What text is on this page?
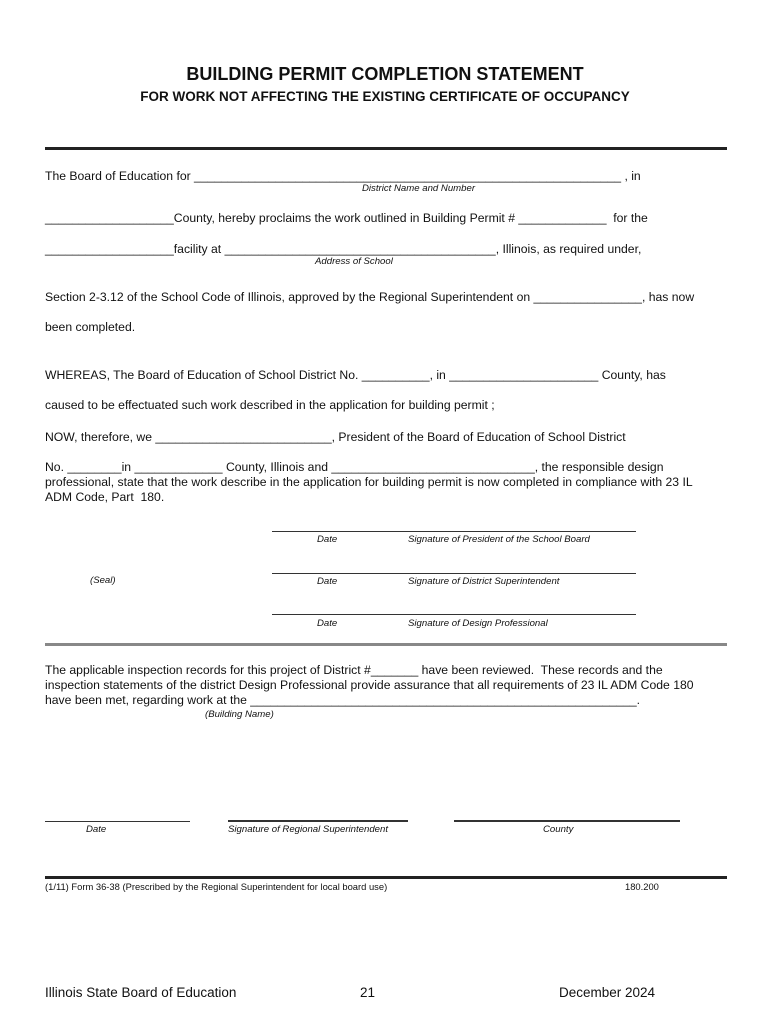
BUILDING PERMIT COMPLETION STATEMENT
FOR WORK NOT AFFECTING THE EXISTING CERTIFICATE OF OCCUPANCY
The Board of Education for _______________________________________________________________ , in
District Name and Number
___________________County, hereby proclaims the work outlined in Building Permit # _____________  for the
___________________facility at ________________________________________, Illinois, as required under,
Address of School
Section 2-3.12 of the School Code of Illinois, approved by the Regional Superintendent on ________________, has now
been completed.
WHEREAS, The Board of Education of School District No. __________, in ______________________ County, has
caused to be effectuated such work described in the application for building permit ;
NOW, therefore, we __________________________, President of the Board of Education of School District
No. ________in _____________ County, Illinois and ______________________________, the responsible design
professional, state that the work describe in the application for building permit is now completed in compliance with 23 IL
ADM Code, Part  180.
Date	Signature of President of the School Board
(Seal)	Date	Signature of District Superintendent
Date	Signature of Design Professional
The applicable inspection records for this project of District #_______ have been reviewed.  These records and the
inspection statements of the district Design Professional provide assurance that all requirements of 23 IL ADM Code 180
have been met, regarding work at the _________________________________________________________.
(Building Name)
Date	Signature of Regional Superintendent	County
(1/11) Form 36-38 (Prescribed by the Regional Superintendent for local board use)	180.200
Illinois State Board of Education	21	December 2024
